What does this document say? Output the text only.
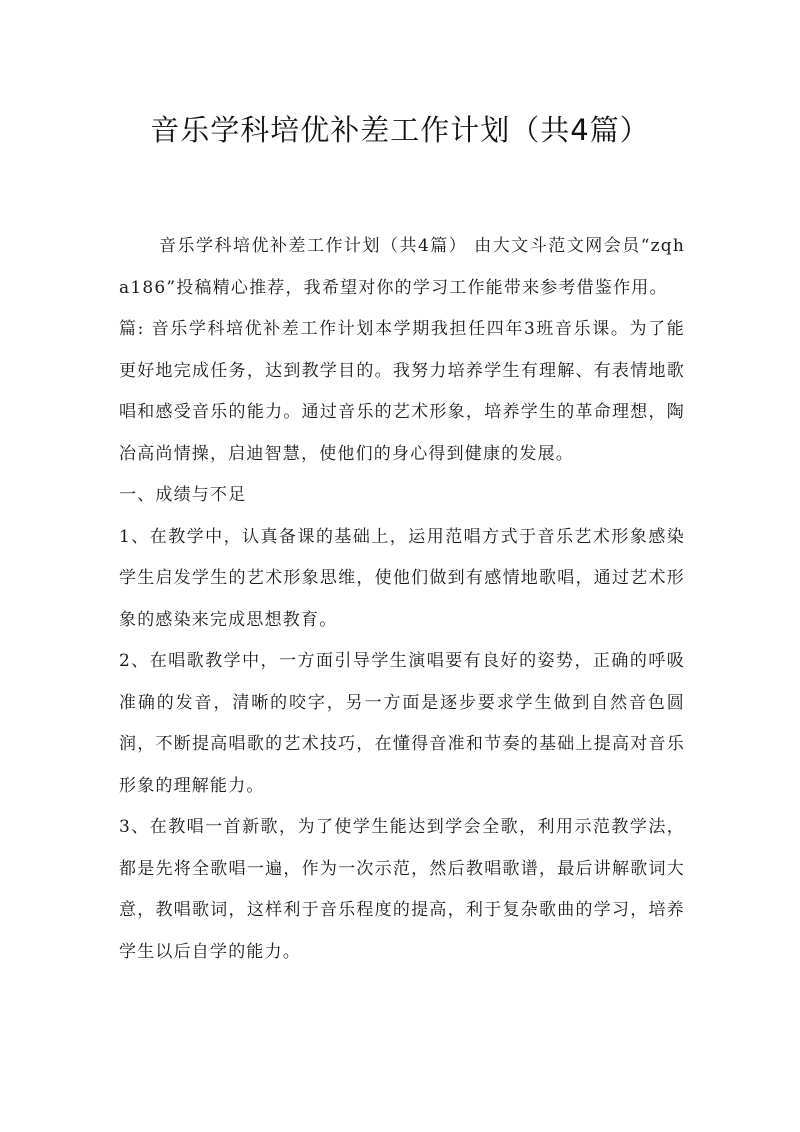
音乐学科培优补差工作计划（共4篇）

音乐学科培优补差工作计划（共4篇） 由大文斗范文网会员“zqha186”投稿精心推荐，我希望对你的学习工作能带来参考借鉴作用。

篇: 音乐学科培优补差工作计划本学期我担任四年3班音乐课。为了能更好地完成任务，达到教学目的。我努力培养学生有理解、有表情地歌唱和感受音乐的能力。通过音乐的艺术形象，培养学生的革命理想，陶冶高尚情操，启迪智慧，使他们的身心得到健康的发展。

一、成绩与不足

1、在教学中，认真备课的基础上，运用范唱方式于音乐艺术形象感染学生启发学生的艺术形象思维，使他们做到有感情地歌唱，通过艺术形象的感染来完成思想教育。

2、在唱歌教学中，一方面引导学生演唱要有良好的姿势，正确的呼吸准确的发音，清晰的咬字，另一方面是逐步要求学生做到自然音色圆润，不断提高唱歌的艺术技巧，在懂得音准和节奏的基础上提高对音乐形象的理解能力。

3、在教唱一首新歌，为了使学生能达到学会全歌，利用示范教学法，都是先将全歌唱一遍，作为一次示范，然后教唱歌谱，最后讲解歌词大意，教唱歌词，这样利于音乐程度的提高，利于复杂歌曲的学习，培养学生以后自学的能力。
